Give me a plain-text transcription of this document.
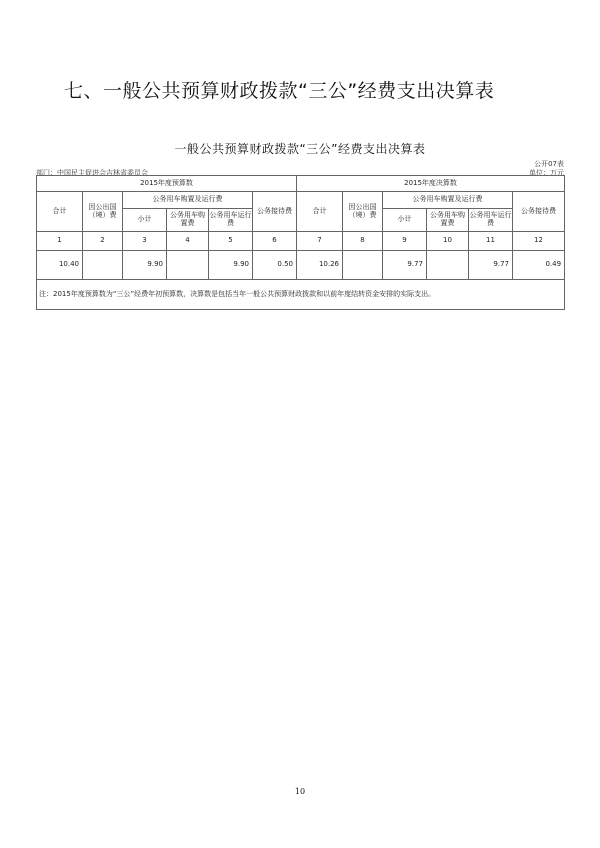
七、一般公共预算财政拨款“三公”经费支出决算表
一般公共预算财政拨款“三公”经费支出决算表
公开07表
部门：中国民主促进会吉林省委员会	单位：万元
2015年度预算数						2015年度决算数					
合计	因公出国（境）费	公务用车购置及运行费			公务接待费	合计	因公出国（境）费	公务用车购置及运行费			公务接待费
		小计	公务用车购置费	公务用车运行费				小计	公务用车购置费	公务用车运行费	
1	2	3	4	5	6	7	8	9	10	11	12
10.40		9.90		9.90	0.50	10.26		9.77		9.77	0.49
注：2015年度预算数为“三公”经费年初预算数，决算数是包括当年一般公共预算财政拨款和以前年度结转资金安排的实际支出。											
10
